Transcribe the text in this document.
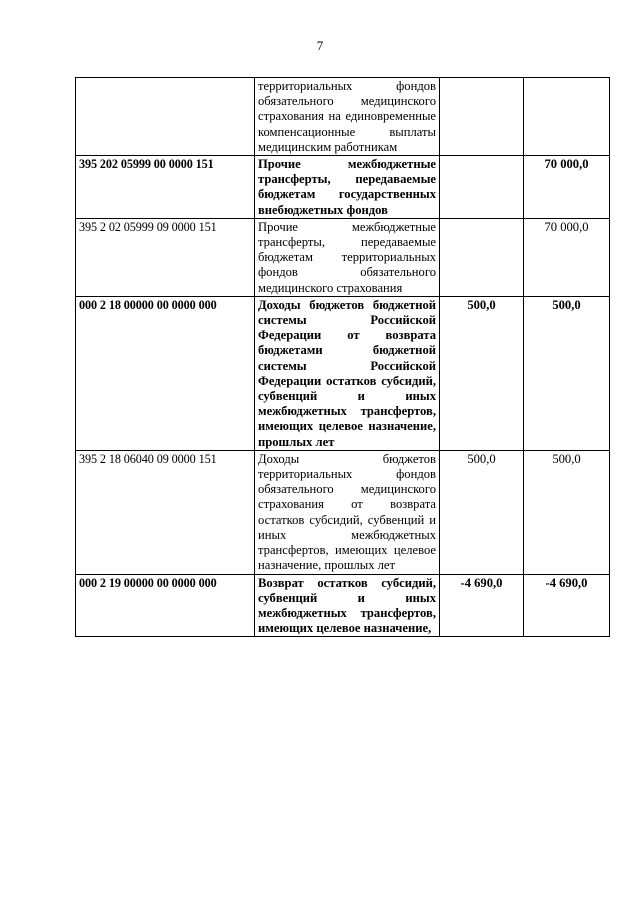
7
	территориальных фондов обязательного медицинского страхования на единовременные компенсационные выплаты медицинским работникам		
395 202 05999 00 0000 151	Прочие межбюджетные трансферты, передаваемые бюджетам государственных внебюджетных фондов		70 000,0
395 2 02 05999 09 0000 151	Прочие межбюджетные трансферты, передаваемые бюджетам территориальных фондов обязательного медицинского страхования		70 000,0
000 2 18 00000 00 0000 000	Доходы бюджетов бюджетной системы Российской Федерации от возврата бюджетами бюджетной системы Российской Федерации остатков субсидий, субвенций и иных межбюджетных трансфертов, имеющих целевое назначение, прошлых лет	500,0	500,0
395 2 18 06040 09 0000 151	Доходы бюджетов территориальных фондов обязательного медицинского страхования от возврата остатков субсидий, субвенций и иных межбюджетных трансфертов, имеющих целевое назначение, прошлых лет	500,0	500,0
000 2 19 00000 00 0000 000	Возврат остатков субсидий, субвенций и иных межбюджетных трансфертов, имеющих целевое назначение,	-4 690,0	-4 690,0
